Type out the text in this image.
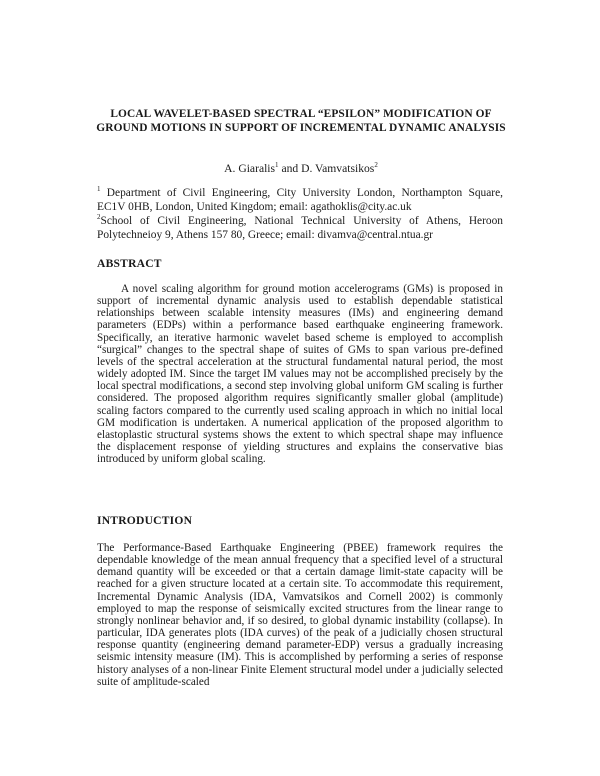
LOCAL WAVELET-BASED SPECTRAL “EPSILON” MODIFICATION OF GROUND MOTIONS IN SUPPORT OF INCREMENTAL DYNAMIC ANALYSIS
A. Giaralis$^1$ and D. Vamvatsikos$^2$
$^1$ Department of Civil Engineering, City University London, Northampton Square, EC1V 0HB, London, United Kingdom; email: agathoklis@city.ac.uk
$^2$School of Civil Engineering, National Technical University of Athens, Heroon Polytechneioy 9, Athens 157 80, Greece; email: divamva@central.ntua.gr
ABSTRACT

A novel scaling algorithm for ground motion accelerograms (GMs) is proposed in support of incremental dynamic analysis used to establish dependable statistical relationships between scalable intensity measures (IMs) and engineering demand parameters (EDPs) within a performance based earthquake engineering framework. Specifically, an iterative harmonic wavelet based scheme is employed to accomplish “surgical” changes to the spectral shape of suites of GMs to span various pre-defined levels of the spectral acceleration at the structural fundamental natural period, the most widely adopted IM. Since the target IM values may not be accomplished precisely by the local spectral modifications, a second step involving global uniform GM scaling is further considered. The proposed algorithm requires significantly smaller global (amplitude) scaling factors compared to the currently used scaling approach in which no initial local GM modification is undertaken. A numerical application of the proposed algorithm to elastoplastic structural systems shows the extent to which spectral shape may influence the displacement response of yielding structures and explains the conservative bias introduced by uniform global scaling.

INTRODUCTION

The Performance-Based Earthquake Engineering (PBEE) framework requires the dependable knowledge of the mean annual frequency that a specified level of a structural demand quantity will be exceeded or that a certain damage limit-state capacity will be reached for a given structure located at a certain site. To accommodate this requirement, Incremental Dynamic Analysis (IDA, Vamvatsikos and Cornell 2002) is commonly employed to map the response of seismically excited structures from the linear range to strongly nonlinear behavior and, if so desired, to global dynamic instability (collapse). In particular, IDA generates plots (IDA curves) of the peak of a judicially chosen structural response quantity (engineering demand parameter-EDP) versus a gradually increasing seismic intensity measure (IM). This is accomplished by performing a series of response history analyses of a non-linear Finite Element structural model under a judicially selected suite of amplitude-scaled
